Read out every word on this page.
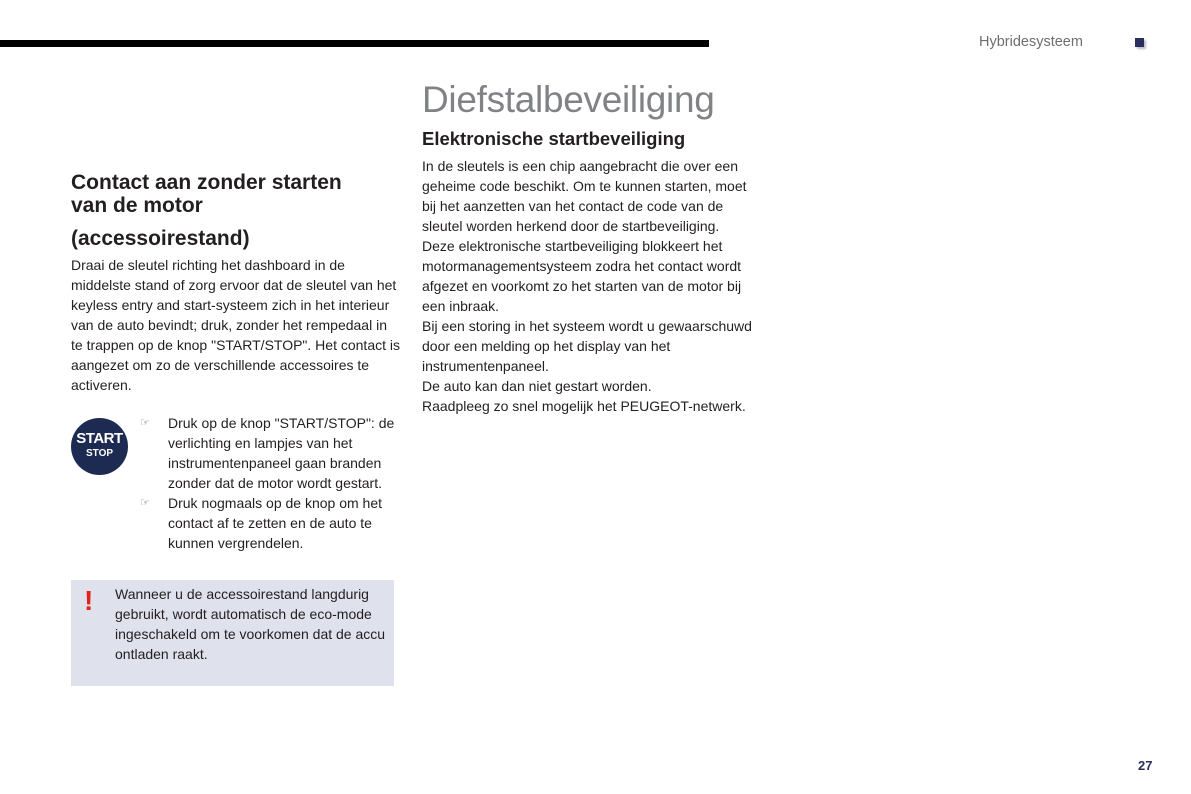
Hybridesysteem
Contact aan zonder starten
van de motor
(accessoirestand)
Draai de sleutel richting het dashboard in de middelste stand of zorg ervoor dat de sleutel van het keyless entry and start-systeem zich in het interieur van de auto bevindt; druk, zonder het rempedaal in te trappen op de knop "START/STOP". Het contact is aangezet om zo de verschillende accessoires te activeren.
START
STOP
☞ Druk op de knop "START/STOP": de verlichting en lampjes van het instrumentenpaneel gaan branden zonder dat de motor wordt gestart.
☞ Druk nogmaals op de knop om het contact af te zetten en de auto te kunnen vergrendelen.
! Wanneer u de accessoirestand langdurig gebruikt, wordt automatisch de eco-mode ingeschakeld om te voorkomen dat de accu ontladen raakt.
Diefstalbeveiliging
Elektronische startbeveiliging

In de sleutels is een chip aangebracht die over een geheime code beschikt. Om te kunnen starten, moet bij het aanzetten van het contact de code van de sleutel worden herkend door de startbeveiliging.

Deze elektronische startbeveiliging blokkeert het motormanagementsysteem zodra het contact wordt afgezet en voorkomt zo het starten van de motor bij een inbraak.

Bij een storing in het systeem wordt u gewaarschuwd door een melding op het display van het instrumentenpaneel.

De auto kan dan niet gestart worden.

Raadpleeg zo snel mogelijk het PEUGEOT-netwerk.

27
